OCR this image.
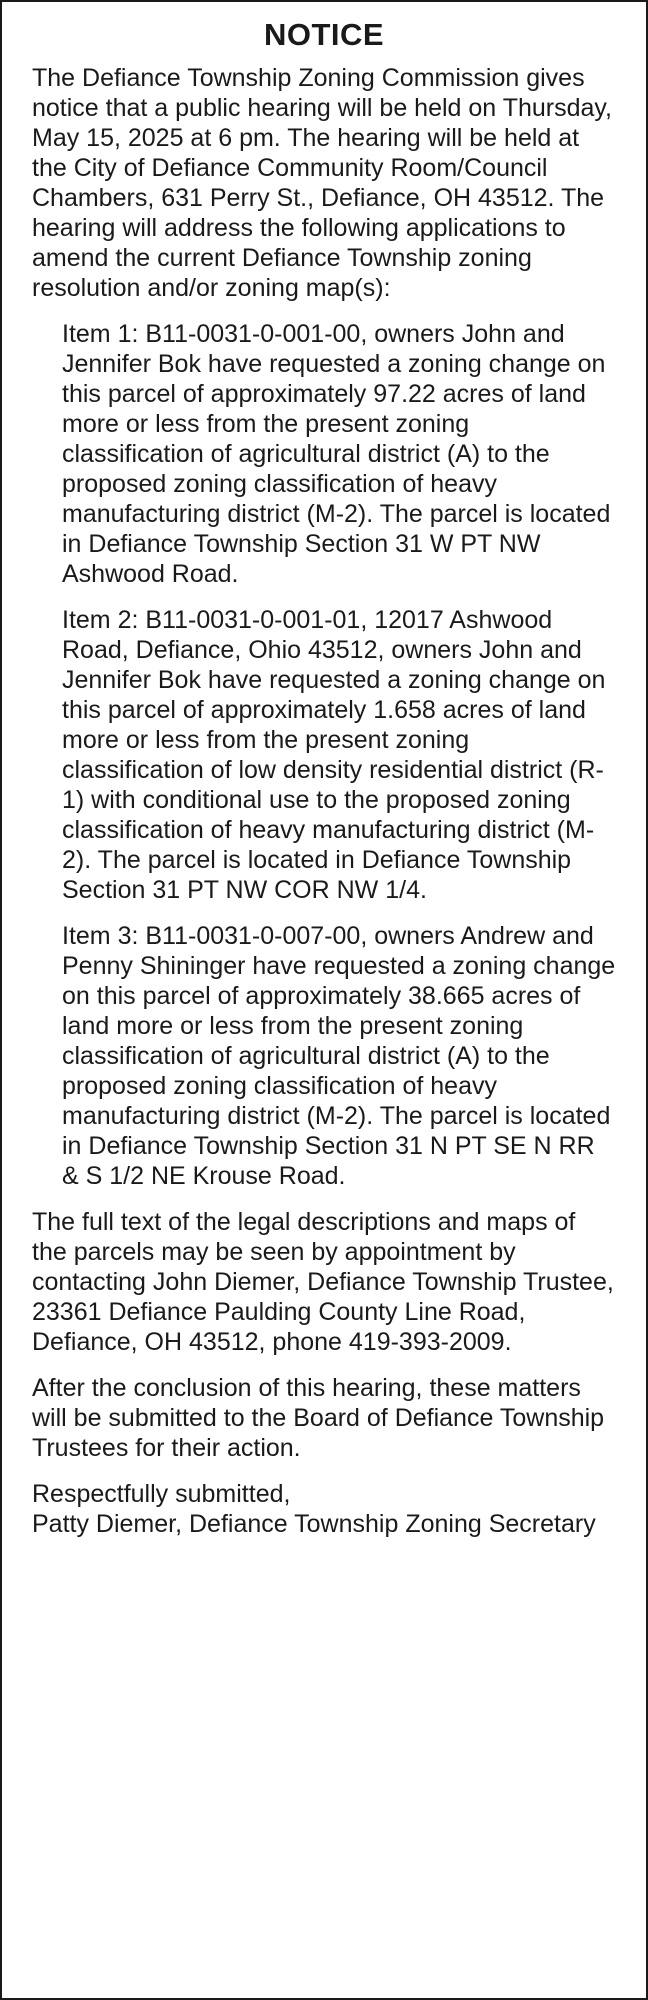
NOTICE

The Defiance Township Zoning Commission gives notice that a public hearing will be held on Thursday, May 15, 2025 at 6 pm. The hearing will be held at the City of Defiance Community Room/Council Chambers, 631 Perry St., Defiance, OH 43512. The hearing will address the following applications to amend the current Defiance Township zoning resolution and/or zoning map(s):

Item 1: B11-0031-0-001-00, owners John and Jennifer Bok have requested a zoning change on this parcel of approximately 97.22 acres of land more or less from the present zoning classification of agricultural district (A) to the proposed zoning classification of heavy manufacturing district (M-2). The parcel is located in Defiance Township Section 31 W PT NW Ashwood Road.

Item 2: B11-0031-0-001-01, 12017 Ashwood Road, Defiance, Ohio 43512, owners John and Jennifer Bok have requested a zoning change on this parcel of approximately 1.658 acres of land more or less from the present zoning classification of low density residential district (R-1) with conditional use to the proposed zoning classification of heavy manufacturing district (M-2). The parcel is located in Defiance Township Section 31 PT NW COR NW 1/4.

Item 3: B11-0031-0-007-00, owners Andrew and Penny Shininger have requested a zoning change on this parcel of approximately 38.665 acres of land more or less from the present zoning classification of agricultural district (A) to the proposed zoning classification of heavy manufacturing district (M-2). The parcel is located in Defiance Township Section 31 N PT SE N RR & S 1/2 NE Krouse Road.

The full text of the legal descriptions and maps of the parcels may be seen by appointment by contacting John Diemer, Defiance Township Trustee, 23361 Defiance Paulding County Line Road, Defiance, OH 43512, phone 419-393-2009.

After the conclusion of this hearing, these matters will be submitted to the Board of Defiance Township Trustees for their action.

Respectfully submitted,
Patty Diemer, Defiance Township Zoning Secretary
